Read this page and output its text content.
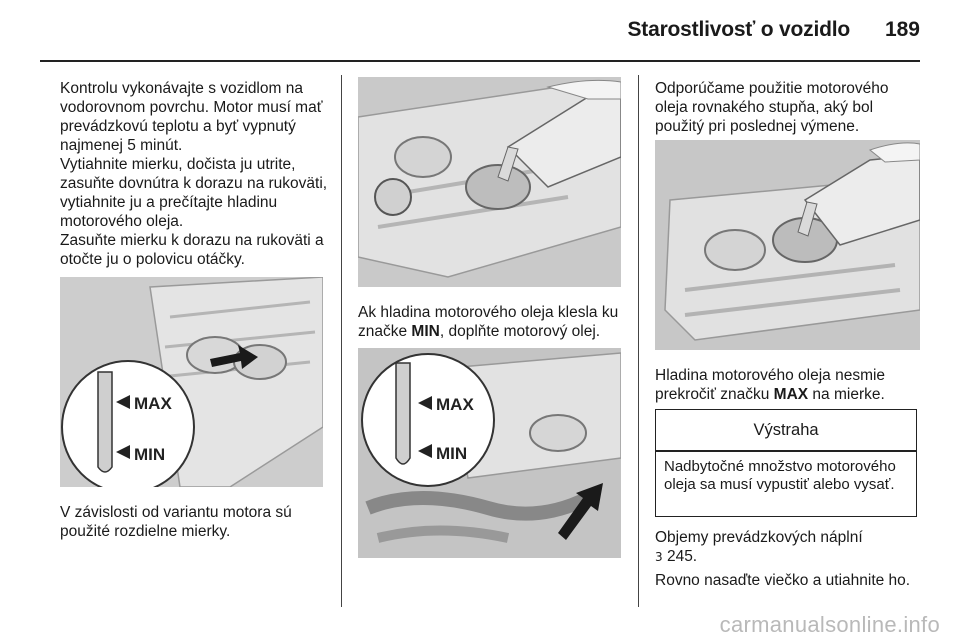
Starostlivosť o vozidlo	189

Kontrolu vykonávajte s vozidlom na vodorovnom povrchu. Motor musí mať prevádzkovú teplotu a byť vypnutý najmenej 5 minút.

Vytiahnite mierku, dočista ju utrite, zasuňte dovnútra k dorazu na rukoväti, vytiahnite ju a prečítajte hladinu motorového oleja.

Zasuňte mierku k dorazu na rukoväti a otočte ju o polovicu otáčky.

MAX
MIN

V závislosti od variantu motora sú použité rozdielne mierky.

Ak hladina motorového oleja klesla ku značke MIN, doplňte motorový olej.

MAX
MIN

Odporúčame použitie motorového oleja rovnakého stupňa, aký bol použitý pri poslednej výmene.

Hladina motorového oleja nesmie prekročiť značku MAX na mierke.

Výstraha

Nadbytočné množstvo motorového oleja sa musí vypustiť alebo vysať.

Objemy prevádzkových náplní
3 245.

Rovno nasaďte viečko a utiahnite ho.

carmanualsonline.info
